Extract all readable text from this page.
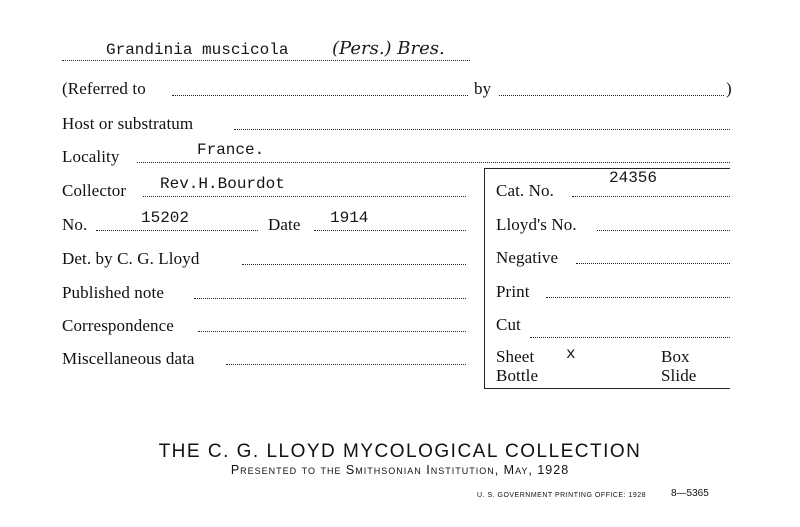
Grandinia muscicola (Pers.) Bres.
(Referred to	by	)
Host or substratum
Locality	France.
Collector Rev.H.Bourdot	Cat. No.
24356
No.	15202	Date 1914	Lloyd's No.
Det. by C. G. Lloyd	Negative
Published note	Print
Correspondence	Cut
Miscellaneous data	Sheet x	Box
Bottle	Slide
THE C. G. LLOYD MYCOLOGICAL COLLECTION
Presented to the Smithsonian Institution, May, 1928
U. S. GOVERNMENT PRINTING OFFICE: 1928 8—5365
